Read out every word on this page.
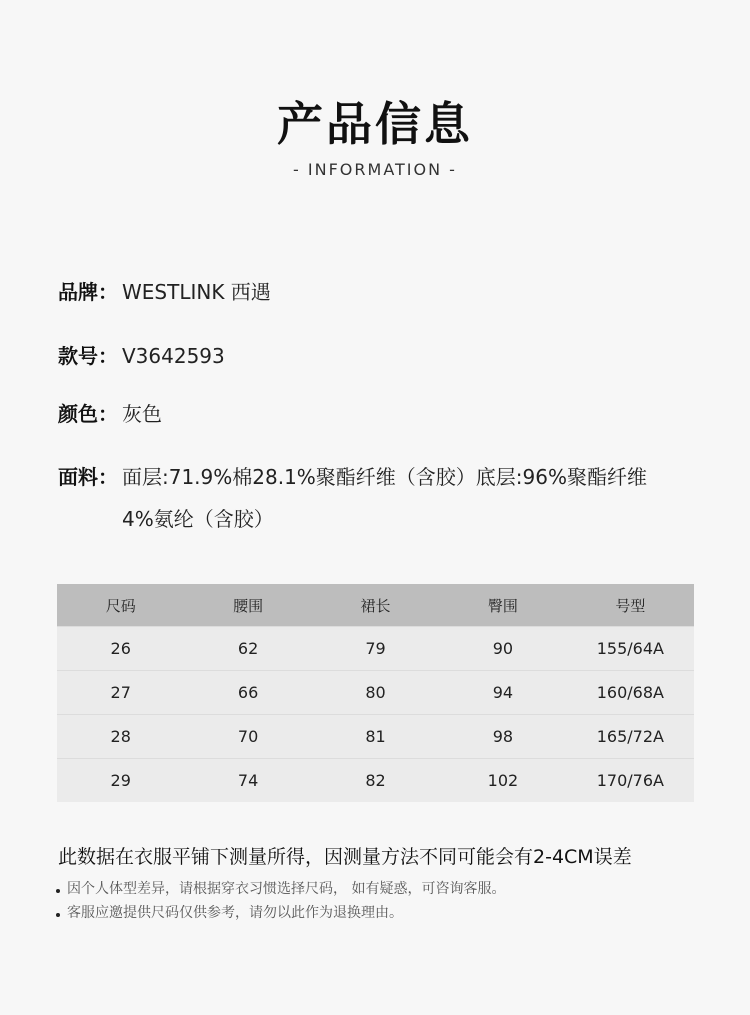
产品信息
- INFORMATION -
品牌： WESTLINK 西遇
款号： V3642593
颜色： 灰色
面料： 面层:71.9%棉28.1%聚酯纤维（含胶）底层:96%聚酯纤维
4%氨纶（含胶）
尺码	腰围	裙长	臀围	号型
26	62	79	90	155/64A
27	66	80	94	160/68A
28	70	81	98	165/72A
29	74	82	102	170/76A
此数据在衣服平铺下测量所得，因测量方法不同可能会有2-4CM误差
因个人体型差异，请根据穿衣习惯选择尺码， 如有疑惑，可咨询客服。
客服应邀提供尺码仅供参考，请勿以此作为退换理由。
